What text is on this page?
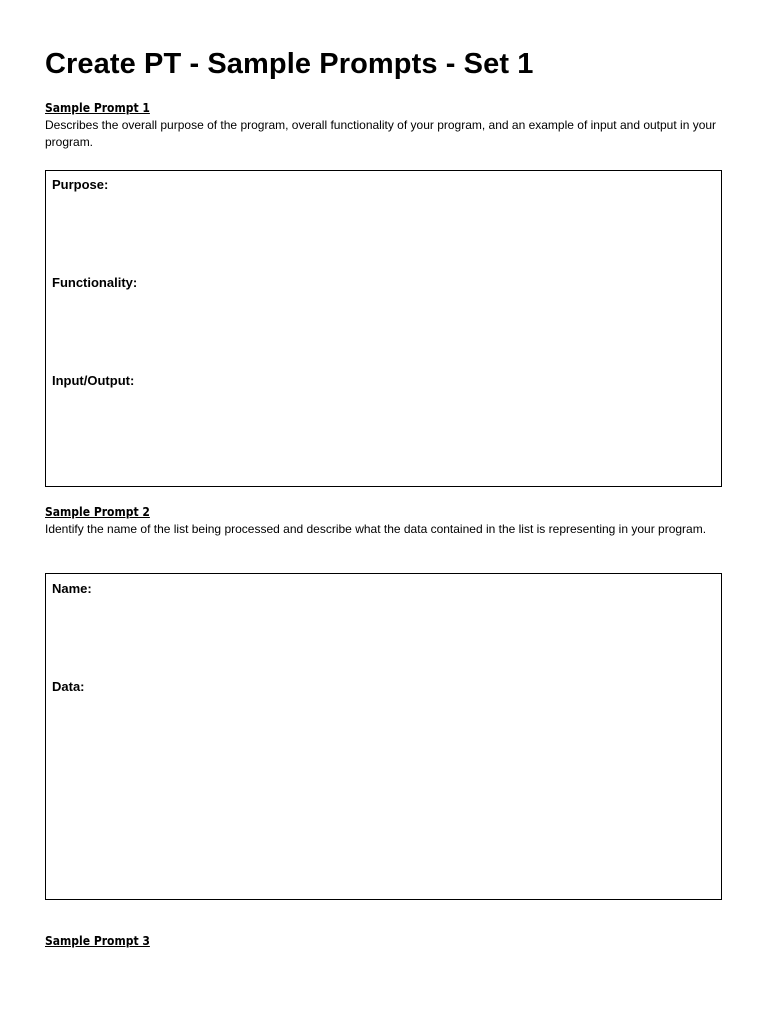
Create PT - Sample Prompts - Set 1

Sample Prompt 1

Describes the overall purpose of the program, overall functionality of your program, and an example of input and output in your program.

Purpose:

Functionality:

Input/Output:

Sample Prompt 2

Identify the name of the list being processed and describe what the data contained in the list is representing in your program.

Name:

Data:

Sample Prompt 3
